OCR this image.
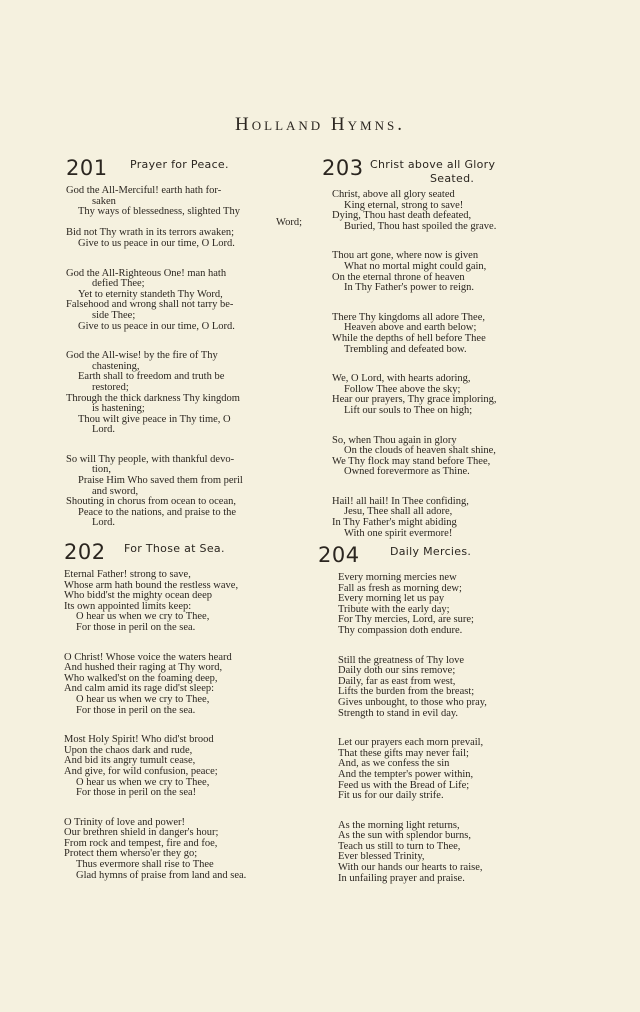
Holland Hymns.
201 Prayer for Peace.
God the All-Merciful! earth hath for-
saken
Thy ways of blessedness, slighted Thy
Word;
Bid not Thy wrath in its terrors awaken;
Give to us peace in our time, O Lord.
God the All-Righteous One! man hath
defied Thee;
Yet to eternity standeth Thy Word,
Falsehood and wrong shall not tarry be-
side Thee;
Give to us peace in our time, O Lord.
God the All-wise! by the fire of Thy
chastening,
Earth shall to freedom and truth be
restored;
Through the thick darkness Thy kingdom
is hastening;
Thou wilt give peace in Thy time, O
Lord.
So will Thy people, with thankful devo-
tion,
Praise Him Who saved them from peril
and sword,
Shouting in chorus from ocean to ocean,
Peace to the nations, and praise to the
Lord.
203 Christ above all Glory
Seated.
Christ, above all glory seated
King eternal, strong to save!
Dying, Thou hast death defeated,
Buried, Thou hast spoiled the grave.
Thou art gone, where now is given
What no mortal might could gain,
On the eternal throne of heaven
In Thy Father's power to reign.
There Thy kingdoms all adore Thee,
Heaven above and earth below;
While the depths of hell before Thee
Trembling and defeated bow.
We, O Lord, with hearts adoring,
Follow Thee above the sky;
Hear our prayers, Thy grace imploring,
Lift our souls to Thee on high;
So, when Thou again in glory
On the clouds of heaven shalt shine,
We Thy flock may stand before Thee,
Owned forevermore as Thine.
Hail! all hail! In Thee confiding,
Jesu, Thee shall all adore,
In Thy Father's might abiding
With one spirit evermore!
202 For Those at Sea.
Eternal Father! strong to save,
Whose arm hath bound the restless wave,
Who bidd'st the mighty ocean deep
Its own appointed limits keep:
O hear us when we cry to Thee,
For those in peril on the sea.
O Christ! Whose voice the waters heard
And hushed their raging at Thy word,
Who walked'st on the foaming deep,
And calm amid its rage did'st sleep:
O hear us when we cry to Thee,
For those in peril on the sea.
Most Holy Spirit! Who did'st brood
Upon the chaos dark and rude,
And bid its angry tumult cease,
And give, for wild confusion, peace;
O hear us when we cry to Thee,
For those in peril on the sea!
O Trinity of love and power!
Our brethren shield in danger's hour;
From rock and tempest, fire and foe,
Protect them wherso'er they go;
Thus evermore shall rise to Thee
Glad hymns of praise from land and sea.
204	Daily Mercies.
Every morning mercies new
Fall as fresh as morning dew;
Every morning let us pay
Tribute with the early day;
For Thy mercies, Lord, are sure;
Thy compassion doth endure.
Still the greatness of Thy love
Daily doth our sins remove;
Daily, far as east from west,
Lifts the burden from the breast;
Gives unbought, to those who pray,
Strength to stand in evil day.
Let our prayers each morn prevail,
That these gifts may never fail;
And, as we confess the sin
And the tempter's power within,
Feed us with the Bread of Life;
Fit us for our daily strife.
As the morning light returns,
As the sun with splendor burns,
Teach us still to turn to Thee,
Ever blessed Trinity,
With our hands our hearts to raise,
In unfailing prayer and praise.
